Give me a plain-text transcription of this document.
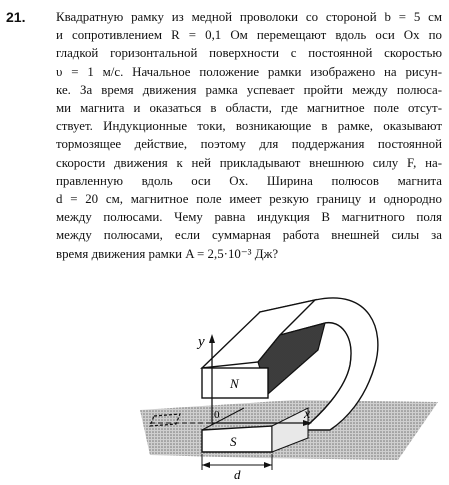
21. Квадратную рамку из медной проволоки со стороной b = 5 см
и сопротивлением R = 0,1 Ом перемещают вдоль оси Ox по
гладкой горизонтальной поверхности с постоянной скоростью
υ = 1 м/с. Начальное положение рамки изображено на рисун-
ке. За время движения рамка успевает пройти между полюса-
ми магнита и оказаться в области, где магнитное поле отсут-
ствует. Индукционные токи, возникающие в рамке, оказывают
тормозящее действие, поэтому для поддержания постоянной
скорости движения к ней прикладывают внешнюю силу F, на-
правленную вдоль оси Ox. Ширина полюсов магнита
d = 20 см, магнитное поле имеет резкую границу и однородно
между полюсами. Чему равна индукция B магнитного поля
между полюсами, если суммарная работа внешней силы за
время движения рамки A = 2,5·10⁻³ Дж?
y
x
0
N
S
d
